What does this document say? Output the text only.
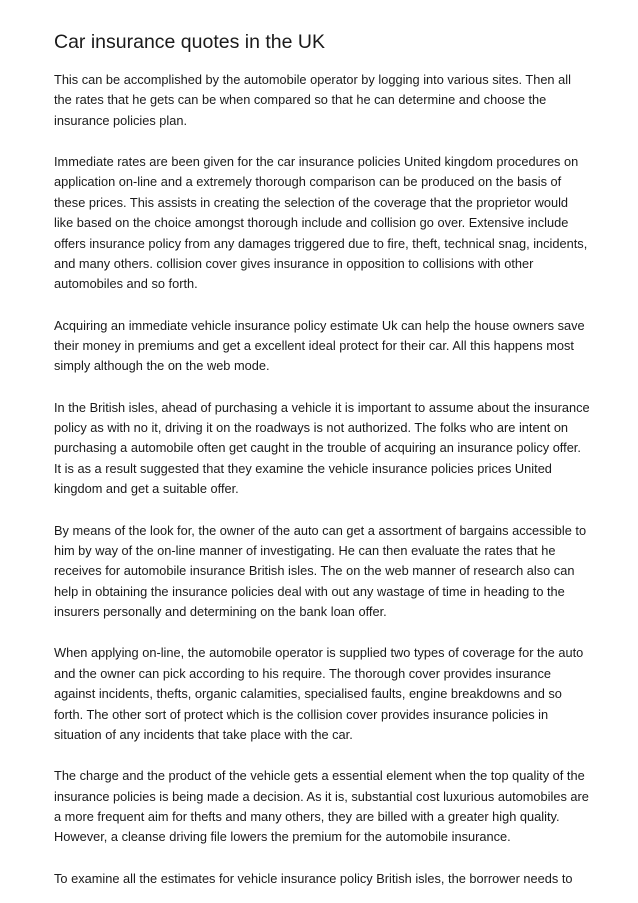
Car insurance quotes in the UK

This can be accomplished by the automobile operator by logging into various sites. Then all the rates that he gets can be when compared so that he can determine and choose the insurance policies plan.

Immediate rates are been given for the car insurance policies United kingdom procedures on application on-line and a extremely thorough comparison can be produced on the basis of these prices. This assists in creating the selection of the coverage that the proprietor would like based on the choice amongst thorough include and collision go over. Extensive include offers insurance policy from any damages triggered due to fire, theft, technical snag, incidents, and many others. collision cover gives insurance in opposition to collisions with other automobiles and so forth.

Acquiring an immediate vehicle insurance policy estimate Uk can help the house owners save their money in premiums and get a excellent ideal protect for their car. All this happens most simply although the on the web mode.

In the British isles, ahead of purchasing a vehicle it is important to assume about the insurance policy as with no it, driving it on the roadways is not authorized. The folks who are intent on purchasing a automobile often get caught in the trouble of acquiring an insurance policy offer. It is as a result suggested that they examine the vehicle insurance policies prices United kingdom and get a suitable offer.

By means of the look for, the owner of the auto can get a assortment of bargains accessible to him by way of the on-line manner of investigating. He can then evaluate the rates that he receives for automobile insurance British isles. The on the web manner of research also can help in obtaining the insurance policies deal with out any wastage of time in heading to the insurers personally and determining on the bank loan offer.

When applying on-line, the automobile operator is supplied two types of coverage for the auto and the owner can pick according to his require. The thorough cover provides insurance against incidents, thefts, organic calamities, specialised faults, engine breakdowns and so forth. The other sort of protect which is the collision cover provides insurance policies in situation of any incidents that take place with the car.

The charge and the product of the vehicle gets a essential element when the top quality of the insurance policies is being made a decision. As it is, substantial cost luxurious automobiles are a more frequent aim for thefts and many others, they are billed with a greater high quality. However, a cleanse driving file lowers the premium for the automobile insurance.

To examine all the estimates for vehicle insurance policy British isles, the borrower needs to
